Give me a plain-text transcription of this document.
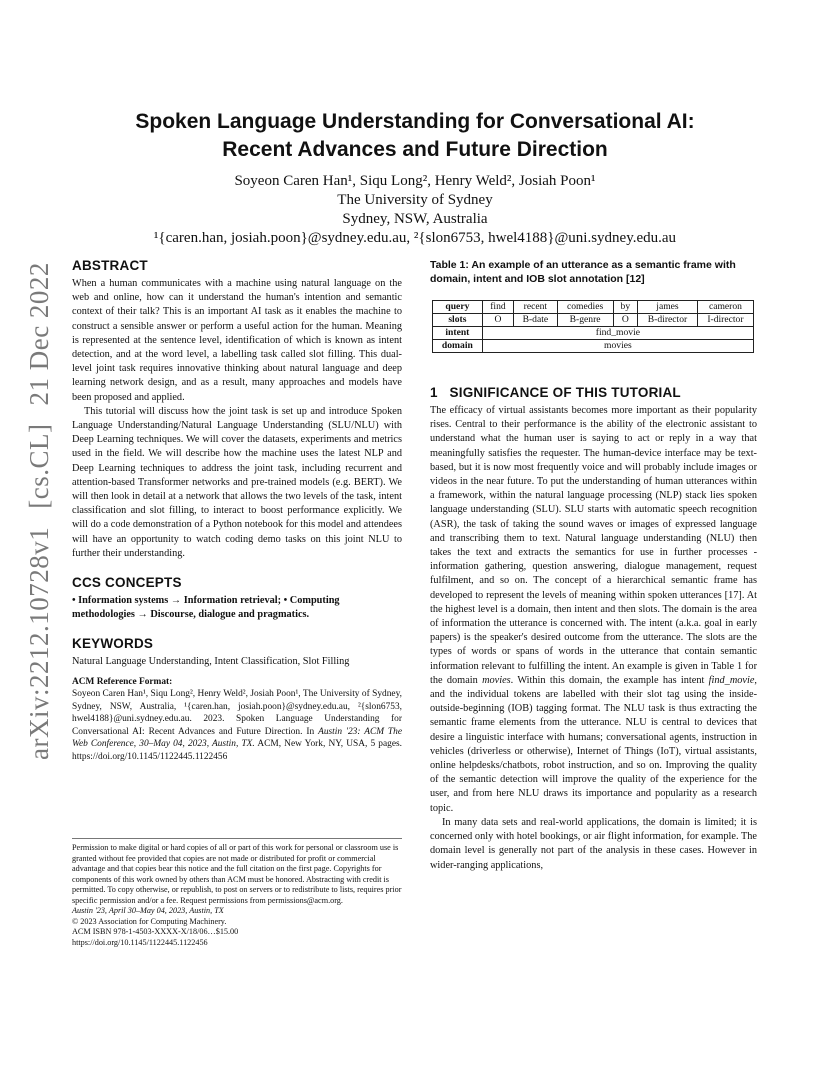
arXiv:2212.10728v1
[cs.CL]
21 Dec 2022
Spoken Language Understanding for Conversational AI:
Recent Advances and Future Direction
Soyeon Caren Han¹, Siqu Long², Henry Weld², Josiah Poon¹
The University of Sydney
Sydney, NSW, Australia
¹{caren.han, josiah.poon}@sydney.edu.au, ²{slon6753, hwel4188}@uni.sydney.edu.au
ABSTRACT

When a human communicates with a machine using natural language on the web and online, how can it understand the human's intention and semantic context of their talk? This is an important AI task as it enables the machine to construct a sensible answer or perform a useful action for the human. Meaning is represented at the sentence level, identification of which is known as intent detection, and at the word level, a labelling task called slot filling. This dual-level joint task requires innovative thinking about natural language and deep learning network design, and as a result, many approaches and models have been proposed and applied.

This tutorial will discuss how the joint task is set up and introduce Spoken Language Understanding/Natural Language Understanding (SLU/NLU) with Deep Learning techniques. We will cover the datasets, experiments and metrics used in the field. We will describe how the machine uses the latest NLP and Deep Learning techniques to address the joint task, including recurrent and attention-based Transformer networks and pre-trained models (e.g. BERT). We will then look in detail at a network that allows the two levels of the task, intent classification and slot filling, to interact to boost performance explicitly. We will do a code demonstration of a Python notebook for this model and attendees will have an opportunity to watch coding demo tasks on this joint NLU to further their understanding.

CCS CONCEPTS

• Information systems → Information retrieval; • Computing methodologies → Discourse, dialogue and pragmatics.

KEYWORDS

Natural Language Understanding, Intent Classification, Slot Filling

ACM Reference Format:

Soyeon Caren Han¹, Siqu Long², Henry Weld², Josiah Poon¹, The University of Sydney, Sydney, NSW, Australia, ¹{caren.han, josiah.poon}@sydney.edu.au, ²{slon6753, hwel4188}@uni.sydney.edu.au. 2023. Spoken Language Understanding for Conversational AI: Recent Advances and Future Direction. In Austin '23: ACM The Web Conference, 30–May 04, 2023, Austin, TX. ACM, New York, NY, USA, 5 pages. https://doi.org/10.1145/1122445.1122456

Permission to make digital or hard copies of all or part of this work for personal or classroom use is granted without fee provided that copies are not made or distributed for profit or commercial advantage and that copies bear this notice and the full citation on the first page. Copyrights for components of this work owned by others than ACM must be honored. Abstracting with credit is permitted. To copy otherwise, or republish, to post on servers or to redistribute to lists, requires prior specific permission and/or a fee. Request permissions from permissions@acm.org.

Austin '23, April 30–May 04, 2023, Austin, TX

© 2023 Association for Computing Machinery.

ACM ISBN 978-1-4503-XXXX-X/18/06…$15.00

https://doi.org/10.1145/1122445.1122456

Table 1: An example of an utterance as a semantic frame with domain, intent and IOB slot annotation [12]

query	find	recent	comedies	by	james	cameron
slots	O	B-date	B-genre	O	B-director	I-director
intent	find_movie					
domain	movies					
1   SIGNIFICANCE OF THIS TUTORIAL

The efficacy of virtual assistants becomes more important as their popularity rises. Central to their performance is the ability of the electronic assistant to understand what the human user is saying to act or reply in a way that meaningfully satisfies the requester. The human-device interface may be text-based, but it is now most frequently voice and will probably include images or videos in the near future. To put the understanding of human utterances within a framework, within the natural language processing (NLP) stack lies spoken language understanding (SLU). SLU starts with automatic speech recognition (ASR), the task of taking the sound waves or images of expressed language and transcribing them to text. Natural language understanding (NLU) then takes the text and extracts the semantics for use in further processes - information gathering, question answering, dialogue management, request fulfilment, and so on. The concept of a hierarchical semantic frame has developed to represent the levels of meaning within spoken utterances [17]. At the highest level is a domain, then intent and then slots. The domain is the area of information the utterance is concerned with. The intent (a.k.a. goal in early papers) is the speaker's desired outcome from the utterance. The slots are the types of words or spans of words in the utterance that contain semantic information relevant to fulfilling the intent. An example is given in Table 1 for the domain movies. Within this domain, the example has intent find_movie, and the individual tokens are labelled with their slot tag using the inside-outside-beginning (IOB) tagging format. The NLU task is thus extracting the semantic frame elements from the utterance. NLU is central to devices that desire a linguistic interface with humans; conversational agents, instruction in vehicles (driverless or otherwise), Internet of Things (IoT), virtual assistants, online helpdesks/chatbots, robot instruction, and so on. Improving the quality of the semantic detection will improve the quality of the experience for the user, and from here NLU draws its importance and popularity as a research topic.

In many data sets and real-world applications, the domain is limited; it is concerned only with hotel bookings, or air flight information, for example. The domain level is generally not part of the analysis in these cases. However in wider-ranging applications,
